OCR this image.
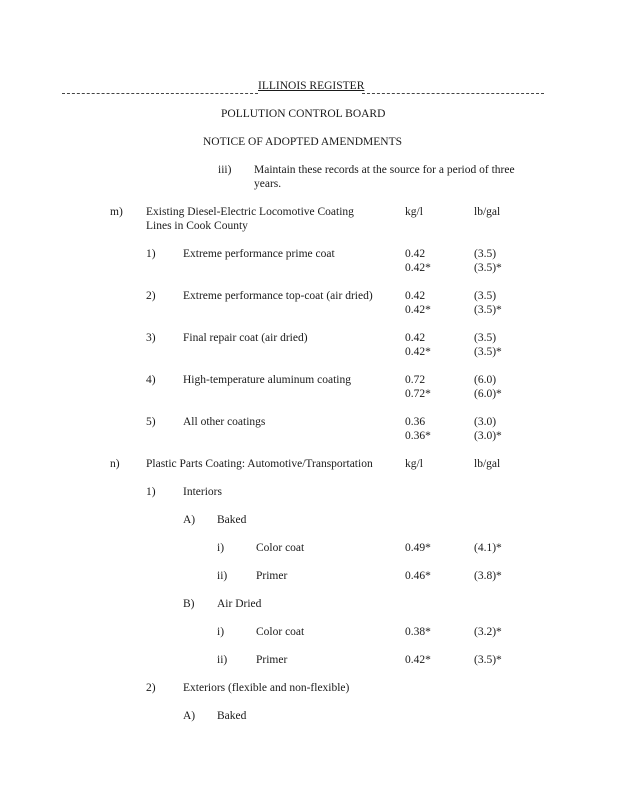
ILLINOIS REGISTER
POLLUTION CONTROL BOARD
NOTICE OF ADOPTED AMENDMENTS
iii) Maintain these records at the source for a period of three
years.
m) Existing Diesel-Electric Locomotive Coating
Lines in Cook County
kg/l	lb/gal
1) Extreme performance prime coat	0.42	(3.5)
0.42*	(3.5)*
2) Extreme performance top-coat (air dried)	0.42	(3.5)
0.42*	(3.5)*
3) Final repair coat (air dried)	0.42	(3.5)
0.42*	(3.5)*
4) High-temperature aluminum coating	0.72	(6.0)
0.72*	(6.0)*
5) All other coatings	0.36	(3.0)
0.36*	(3.0)*
n) Plastic Parts Coating: Automotive/Transportation	kg/l	lb/gal
1) Interiors
A) Baked
i)	Color coat	0.49*	(4.1)*
ii)	Primer	0.46*	(3.8)*
B) Air Dried
i)	Color coat	0.38*	(3.2)*
ii)	Primer	0.42*	(3.5)*
2) Exteriors (flexible and non-flexible)
A) Baked
